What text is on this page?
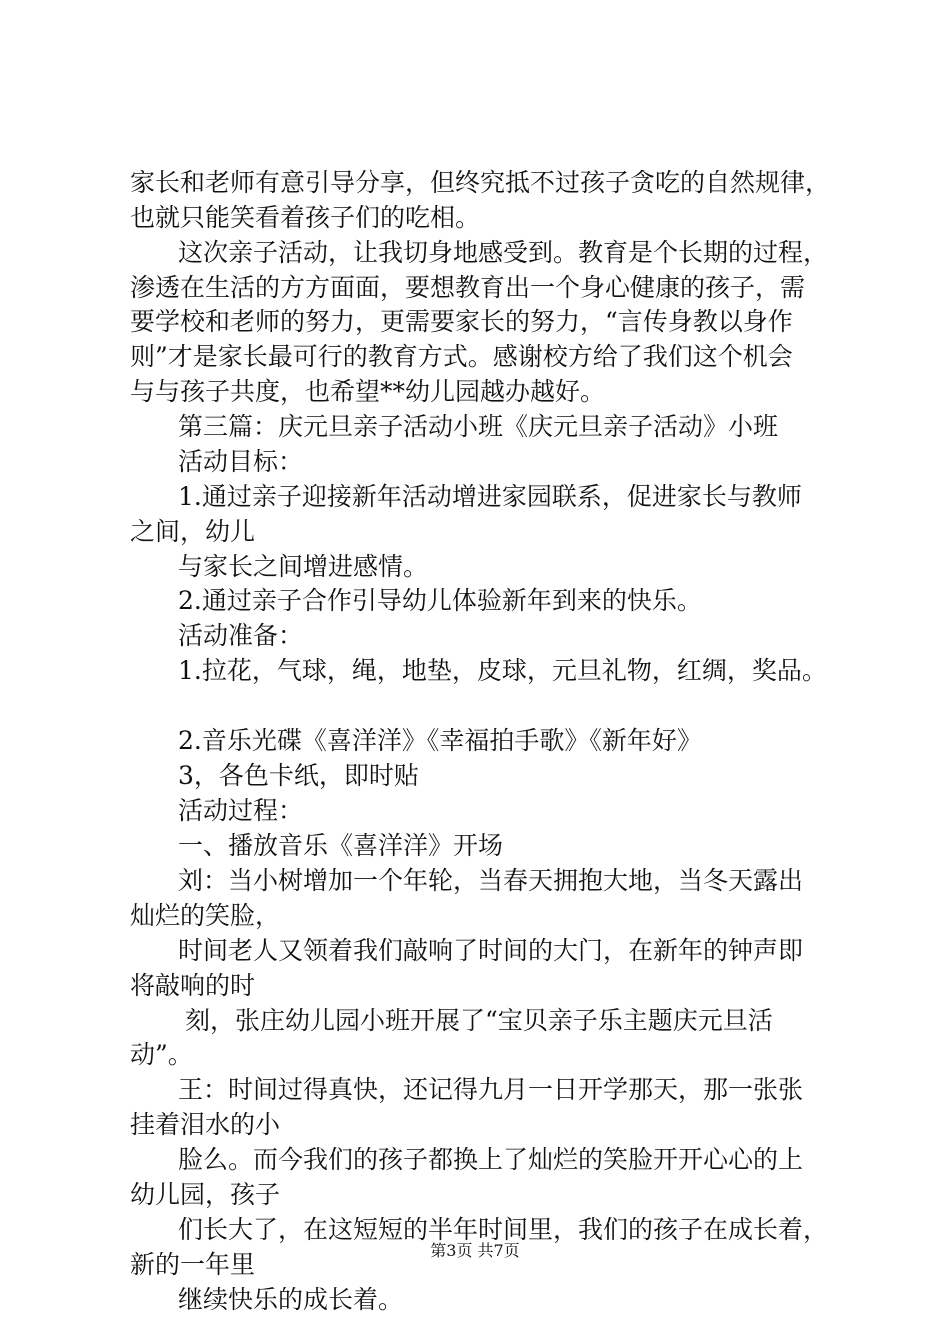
家长和老师有意引导分享，但终究抵不过孩子贪吃的自然规律，
也就只能笑看着孩子们的吃相。
这次亲子活动，让我切身地感受到。教育是个长期的过程，
渗透在生活的方方面面，要想教育出一个身心健康的孩子，需
要学校和老师的努力，更需要家长的努力，“言传身教以身作
则”才是家长最可行的教育方式。感谢校方给了我们这个机会
与与孩子共度，也希望**幼儿园越办越好。
第三篇：庆元旦亲子活动小班《庆元旦亲子活动》小班
活动目标：
1.通过亲子迎接新年活动增进家园联系，促进家长与教师
之间，幼儿
与家长之间增进感情。
2.通过亲子合作引导幼儿体验新年到来的快乐。
活动准备：
1.拉花，气球，绳，地垫，皮球，元旦礼物，红绸，奖品。
2.音乐光碟《喜洋洋》《幸福拍手歌》《新年好》
3，各色卡纸，即时贴
活动过程：
一、播放音乐《喜洋洋》开场
刘：当小树增加一个年轮，当春天拥抱大地，当冬天露出
灿烂的笑脸，
时间老人又领着我们敲响了时间的大门，在新年的钟声即
将敲响的时
刻，张庄幼儿园小班开展了“宝贝亲子乐主题庆元旦活
动”。
王：时间过得真快，还记得九月一日开学那天，那一张张
挂着泪水的小
脸么。而今我们的孩子都换上了灿烂的笑脸开开心心的上
幼儿园，孩子
们长大了，在这短短的半年时间里，我们的孩子在成长着，
新的一年里
继续快乐的成长着。
第3页 共7页
